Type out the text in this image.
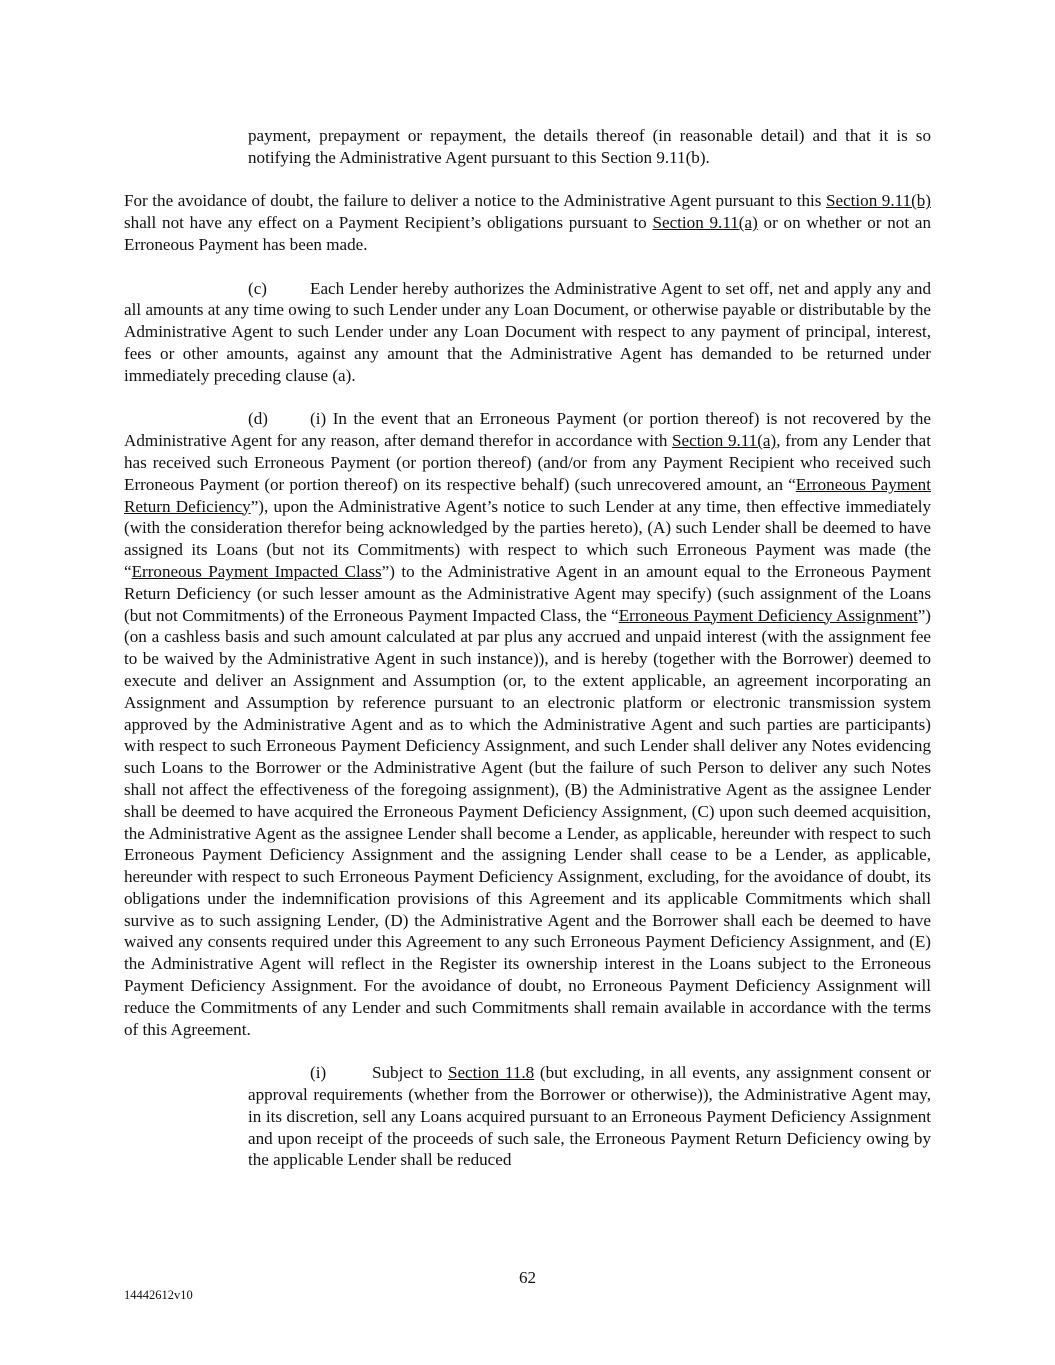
payment, prepayment or repayment, the details thereof (in reasonable detail) and that it is so notifying the Administrative Agent pursuant to this Section 9.11(b).

For the avoidance of doubt, the failure to deliver a notice to the Administrative Agent pursuant to this Section 9.11(b) shall not have any effect on a Payment Recipient’s obligations pursuant to Section 9.11(a) or on whether or not an Erroneous Payment has been made.

(c)	Each Lender hereby authorizes the Administrative Agent to set off, net and apply any and all amounts at any time owing to such Lender under any Loan Document, or otherwise payable or distributable by the Administrative Agent to such Lender under any Loan Document with respect to any payment of principal, interest, fees or other amounts, against any amount that the Administrative Agent has demanded to be returned under immediately preceding clause (a).

(d) (i) In the event that an Erroneous Payment (or portion thereof) is not recovered by the Administrative Agent for any reason, after demand therefor in accordance with Section 9.11(a), from any Lender that has received such Erroneous Payment (or portion thereof) (and/or from any Payment Recipient who received such Erroneous Payment (or portion thereof) on its respective behalf) (such unrecovered amount, an “Erroneous Payment Return Deficiency”), upon the Administrative Agent’s notice to such Lender at any time, then effective immediately (with the consideration therefor being acknowledged by the parties hereto), (A) such Lender shall be deemed to have assigned its Loans (but not its Commitments) with respect to which such Erroneous Payment was made (the “Erroneous Payment Impacted Class”) to the Administrative Agent in an amount equal to the Erroneous Payment Return Deficiency (or such lesser amount as the Administrative Agent may specify) (such assignment of the Loans (but not Commitments) of the Erroneous Payment Impacted Class, the “Erroneous Payment Deficiency Assignment”) (on a cashless basis and such amount calculated at par plus any accrued and unpaid interest (with the assignment fee to be waived by the Administrative Agent in such instance)), and is hereby (together with the Borrower) deemed to execute and deliver an Assignment and Assumption (or, to the extent applicable, an agreement incorporating an Assignment and Assumption by reference pursuant to an electronic platform or electronic transmission system approved by the Administrative Agent and as to which the Administrative Agent and such parties are participants) with respect to such Erroneous Payment Deficiency Assignment, and such Lender shall deliver any Notes evidencing such Loans to the Borrower or the Administrative Agent (but the failure of such Person to deliver any such Notes shall not affect the effectiveness of the foregoing assignment), (B) the Administrative Agent as the assignee Lender shall be deemed to have acquired the Erroneous Payment Deficiency Assignment, (C) upon such deemed acquisition, the Administrative Agent as the assignee Lender shall become a Lender, as applicable, hereunder with respect to such Erroneous Payment Deficiency Assignment and the assigning Lender shall cease to be a Lender, as applicable, hereunder with respect to such Erroneous Payment Deficiency Assignment, excluding, for the avoidance of doubt, its obligations under the indemnification provisions of this Agreement and its applicable Commitments which shall survive as to such assigning Lender, (D) the Administrative Agent and the Borrower shall each be deemed to have waived any consents required under this Agreement to any such Erroneous Payment Deficiency Assignment, and (E) the Administrative Agent will reflect in the Register its ownership interest in the Loans subject to the Erroneous Payment Deficiency Assignment. For the avoidance of doubt, no Erroneous Payment Deficiency Assignment will reduce the Commitments of any Lender and such Commitments shall remain available in accordance with the terms of this Agreement.

(i)	Subject to Section 11.8 (but excluding, in all events, any assignment consent or approval requirements (whether from the Borrower or otherwise)), the Administrative Agent may, in its discretion, sell any Loans acquired pursuant to an Erroneous Payment Deficiency Assignment and upon receipt of the proceeds of such sale, the Erroneous Payment Return Deficiency owing by the applicable Lender shall be reduced

62
14442612v10
